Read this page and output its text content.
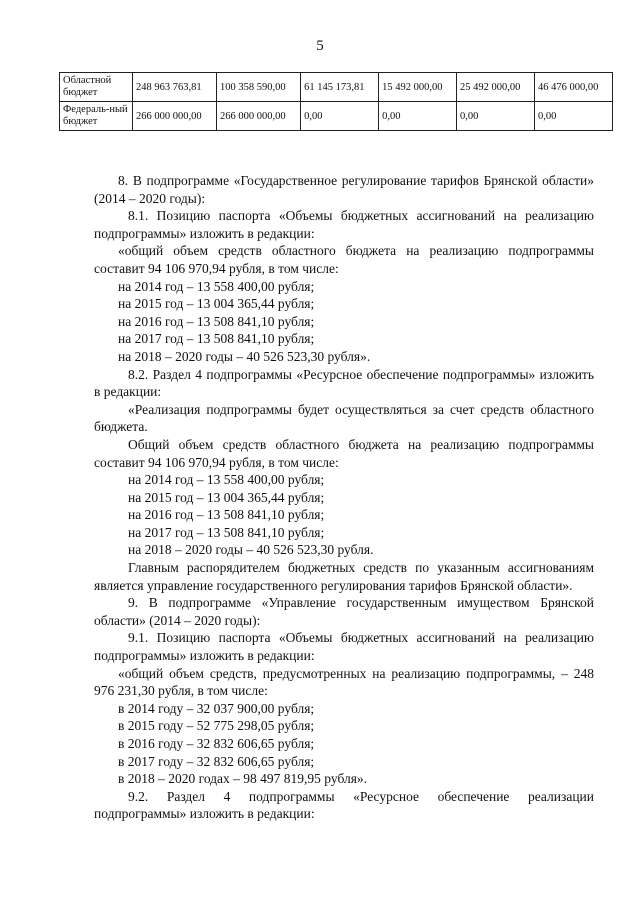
5
Областной бюджет	248 963 763,81	100 358 590,00	61 145 173,81	15 492 000,00	25 492 000,00	46 476 000,00
Федераль-ный бюджет	266 000 000,00	266 000 000,00	0,00	0,00	0,00	0,00

8. В подпрограмме «Государственное регулирование тарифов Брянской области» (2014 – 2020 годы):

8.1. Позицию паспорта «Объемы бюджетных ассигнований на реализацию подпрограммы» изложить в редакции:

«общий объем средств областного бюджета на реализацию подпрограммы составит 94 106 970,94 рубля, в том числе:

на 2014 год – 13 558 400,00 рубля;

на 2015 год – 13 004 365,44 рубля;

на 2016 год – 13 508 841,10 рубля;

на 2017 год – 13 508 841,10 рубля;

на 2018 – 2020 годы – 40 526 523,30 рубля».

8.2. Раздел 4 подпрограммы «Ресурсное обеспечение подпрограммы» изложить в редакции:

«Реализация подпрограммы будет осуществляться за счет средств областного бюджета.

Общий объем средств областного бюджета на реализацию подпрограммы составит 94 106 970,94 рубля, в том числе:

на 2014 год – 13 558 400,00 рубля;

на 2015 год – 13 004 365,44 рубля;

на 2016 год – 13 508 841,10 рубля;

на 2017 год – 13 508 841,10 рубля;

на 2018 – 2020 годы – 40 526 523,30 рубля.

Главным распорядителем бюджетных средств по указанным ассигнованиям является управление государственного регулирования тарифов Брянской области».

9. В подпрограмме «Управление государственным имуществом Брянской области» (2014 – 2020 годы):

9.1. Позицию паспорта «Объемы бюджетных ассигнований на реализацию подпрограммы» изложить в редакции:

«общий объем средств, предусмотренных на реализацию подпрограммы, – 248 976 231,30 рубля, в том числе:

в 2014 году – 32 037 900,00 рубля;

в 2015 году – 52 775 298,05 рубля;

в 2016 году – 32 832 606,65 рубля;

в 2017 году – 32 832 606,65 рубля;

в 2018 – 2020 годах – 98 497 819,95 рубля».

9.2. Раздел 4 подпрограммы «Ресурсное обеспечение реализации подпрограммы» изложить в редакции:
